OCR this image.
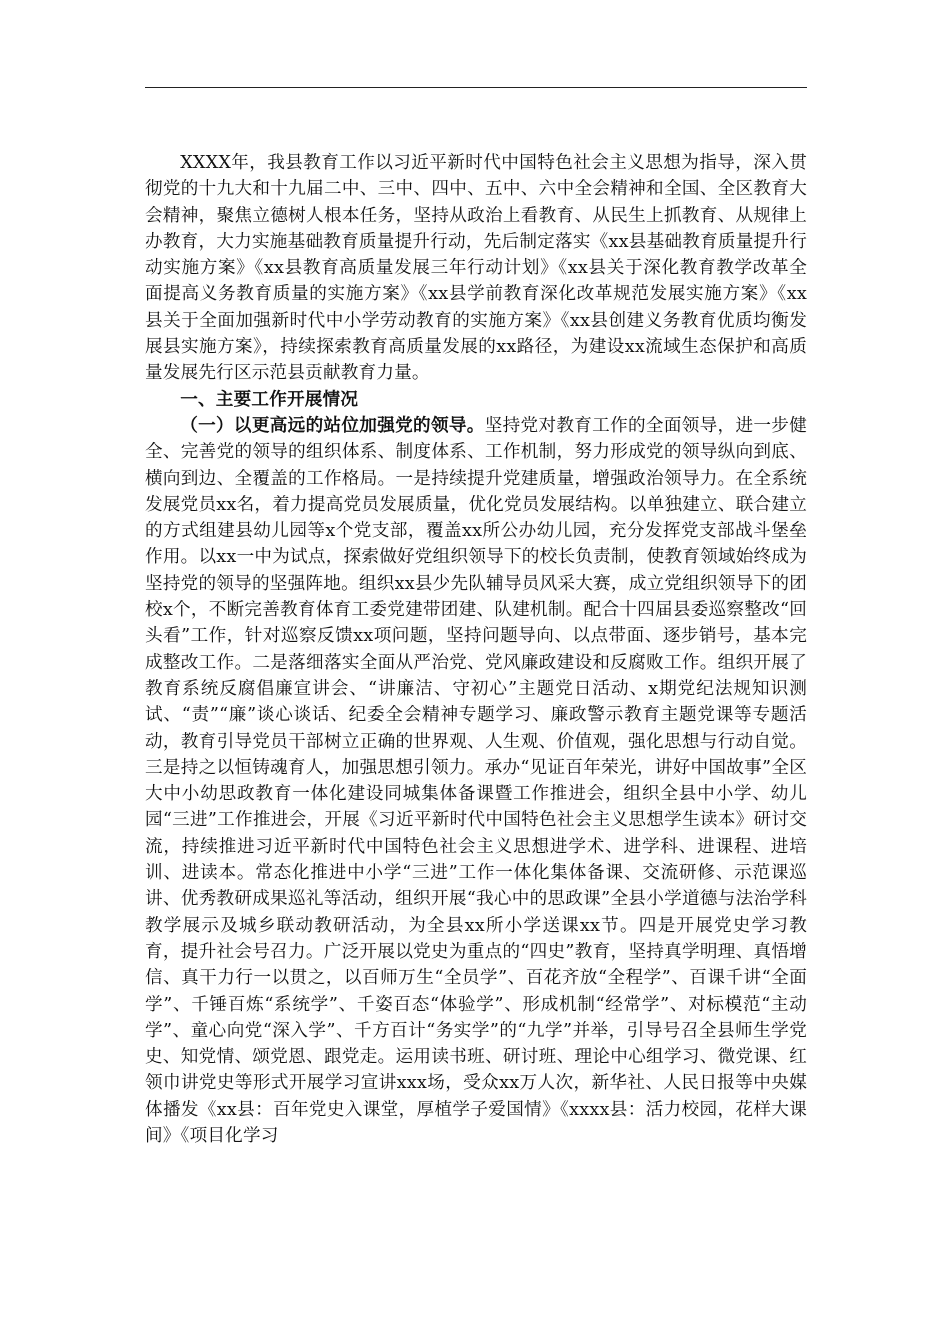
XXXX年，我县教育工作以习近平新时代中国特色社会主义思想为指导，深入贯彻党的十九大和十九届二中、三中、四中、五中、六中全会精神和全国、全区教育大会精神，聚焦立德树人根本任务，坚持从政治上看教育、从民生上抓教育、从规律上办教育，大力实施基础教育质量提升行动，先后制定落实《xx县基础教育质量提升行动实施方案》《xx县教育高质量发展三年行动计划》《xx县关于深化教育教学改革全面提高义务教育质量的实施方案》《xx县学前教育深化改革规范发展实施方案》《xx县关于全面加强新时代中小学劳动教育的实施方案》《xx县创建义务教育优质均衡发展县实施方案》，持续探索教育高质量发展的xx路径，为建设xx流域生态保护和高质量发展先行区示范县贡献教育力量。

一、主要工作开展情况

（一）以更高远的站位加强党的领导。坚持党对教育工作的全面领导，进一步健全、完善党的领导的组织体系、制度体系、工作机制，努力形成党的领导纵向到底、横向到边、全覆盖的工作格局。一是持续提升党建质量，增强政治领导力。在全系统发展党员xx名，着力提高党员发展质量，优化党员发展结构。以单独建立、联合建立的方式组建县幼儿园等x个党支部，覆盖xx所公办幼儿园，充分发挥党支部战斗堡垒作用。以xx一中为试点，探索做好党组织领导下的校长负责制，使教育领域始终成为坚持党的领导的坚强阵地。组织xx县少先队辅导员风采大赛，成立党组织领导下的团校x个，不断完善教育体育工委党建带团建、队建机制。配合十四届县委巡察整改“回头看”工作，针对巡察反馈xx项问题，坚持问题导向、以点带面、逐步销号，基本完成整改工作。二是落细落实全面从严治党、党风廉政建设和反腐败工作。组织开展了教育系统反腐倡廉宣讲会、“讲廉洁、守初心”主题党日活动、x期党纪法规知识测试、“责”“廉”谈心谈话、纪委全会精神专题学习、廉政警示教育主题党课等专题活动，教育引导党员干部树立正确的世界观、人生观、价值观，强化思想与行动自觉。三是持之以恒铸魂育人，加强思想引领力。承办“见证百年荣光，讲好中国故事”全区大中小幼思政教育一体化建设同城集体备课暨工作推进会，组织全县中小学、幼儿园“三进”工作推进会，开展《习近平新时代中国特色社会主义思想学生读本》研讨交流，持续推进习近平新时代中国特色社会主义思想进学术、进学科、进课程、进培训、进读本。常态化推进中小学“三进”工作一体化集体备课、交流研修、示范课巡讲、优秀教研成果巡礼等活动，组织开展“我心中的思政课”全县小学道德与法治学科教学展示及城乡联动教研活动，为全县xx所小学送课xx节。四是开展党史学习教育，提升社会号召力。广泛开展以党史为重点的“四史”教育，坚持真学明理、真悟增信、真干力行一以贯之，以百师万生“全员学”、百花齐放“全程学”、百课千讲“全面学”、千锤百炼“系统学”、千姿百态“体验学”、形成机制“经常学”、对标模范“主动学”、童心向党“深入学”、千方百计“务实学”的“九学”并举，引导号召全县师生学党史、知党情、颂党恩、跟党走。运用读书班、研讨班、理论中心组学习、微党课、红领巾讲党史等形式开展学习宣讲xxx场，受众xx万人次，新华社、人民日报等中央媒体播发《xx县：百年党史入课堂，厚植学子爱国情》《xxxx县：活力校园，花样大课间》《项目化学习
